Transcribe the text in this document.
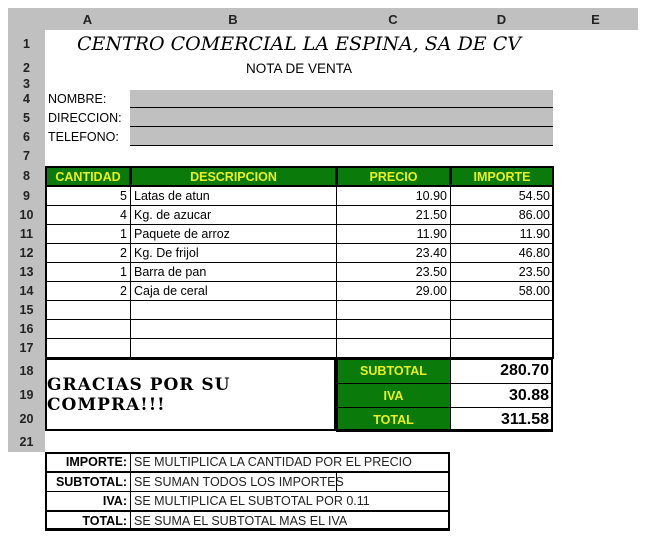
A	B	C	D	E
1
2
3
4
5
6
7
8
9
10
11
12
13
14
15
16
17
18
19
20
21
CENTRO COMERCIAL LA ESPINA, SA DE CV
NOTA DE VENTA
NOMBRE:
DIRECCION:
TELEFONO:
CANTIDAD	DESCRIPCION	PRECIO	IMPORTE
5 Latas de atun	10.90	54.50
4 Kg. de azucar	21.50	86.00
1 Paquete de arroz	11.90	11.90
2 Kg. De frijol	23.40	46.80
1 Barra de pan	23.50	23.50
2 Caja de ceral	29.00	58.00
GRACIAS POR SU COMPRA!!!
SUBTOTAL	280.70
IVA	30.88
TOTAL	311.58
IMPORTE: SE MULTIPLICA LA CANTIDAD POR EL PRECIO
SUBTOTAL: SE SUMAN TODOS LOS IMPORTES
IVA: SE MULTIPLICA EL SUBTOTAL POR 0.11
TOTAL: SE SUMA EL SUBTOTAL MAS EL IVA
